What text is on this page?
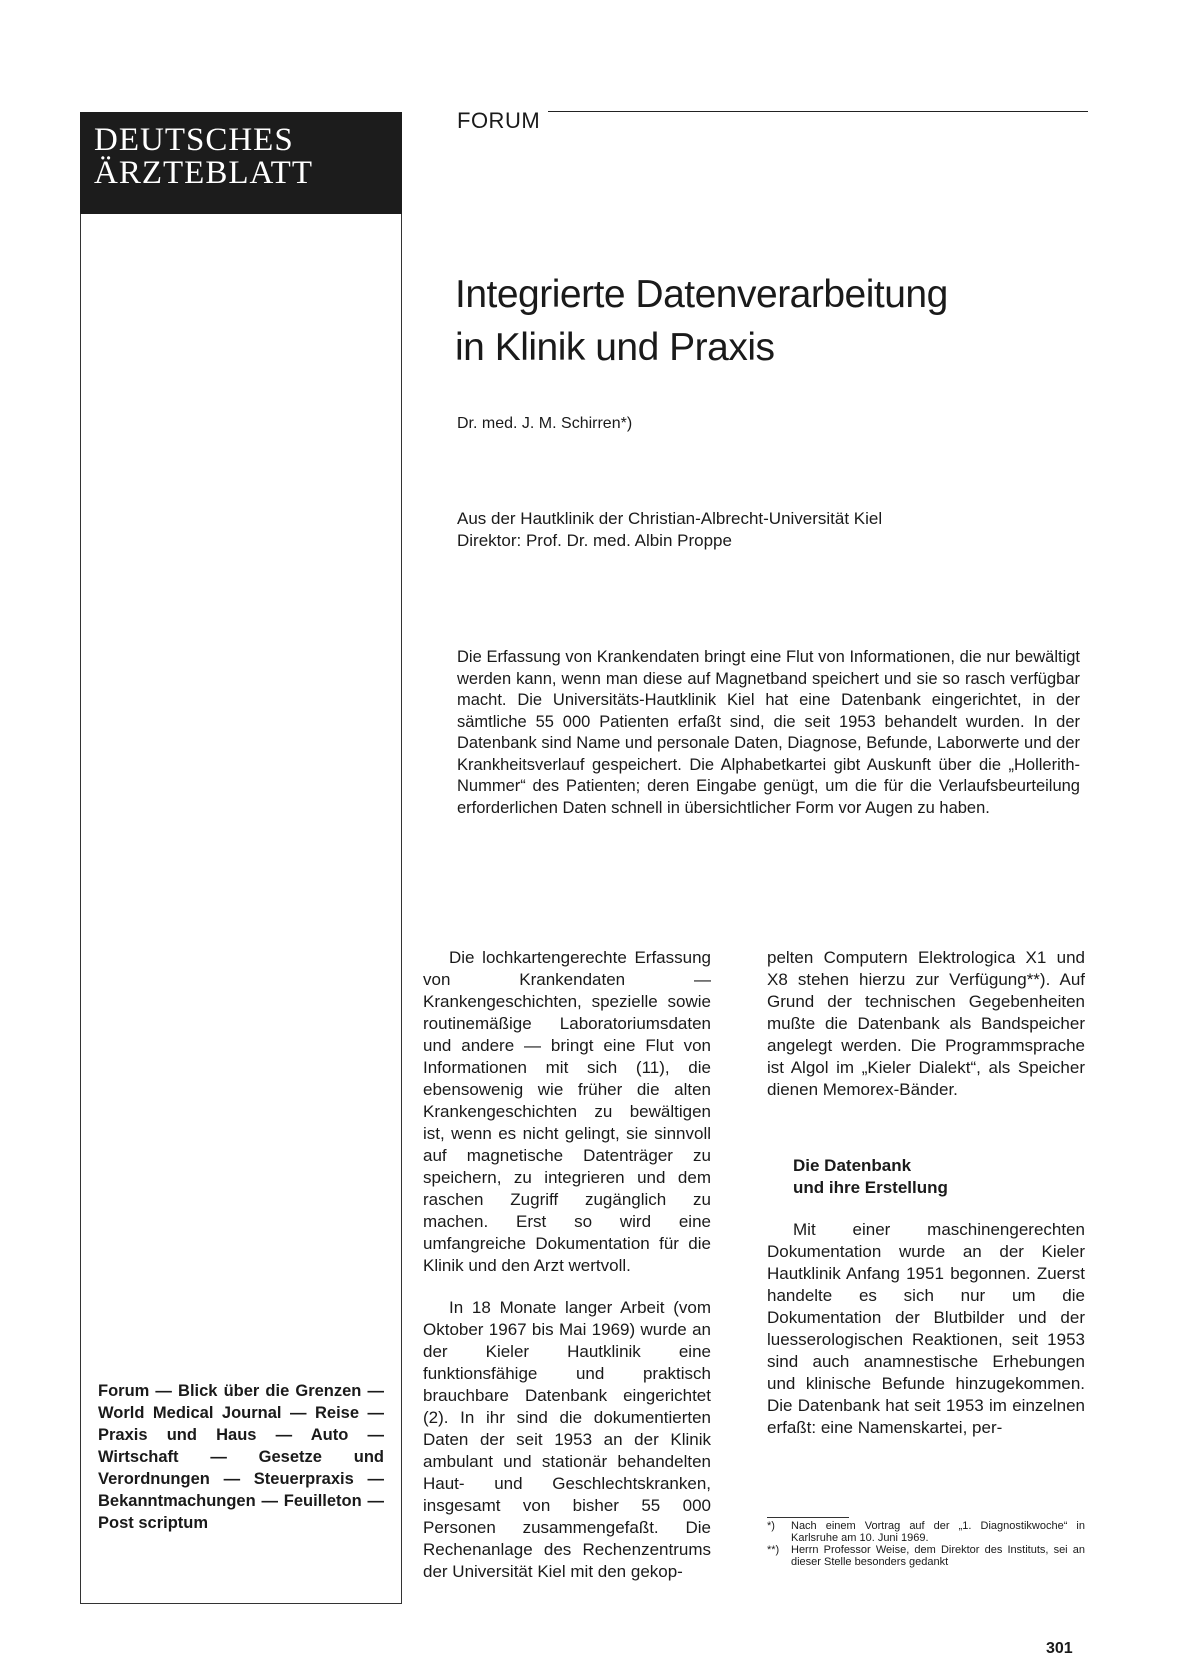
DEUTSCHES
ÄRZTEBLATT
Forum — Blick über die Grenzen — World Medical Journal — Reise — Praxis und Haus — Auto — Wirtschaft — Gesetze und Verordnungen — Steuerpraxis — Bekanntmachungen — Feuilleton — Post scriptum
FORUM
Integrierte Datenverarbeitung
in Klinik und Praxis
Dr. med. J. M. Schirren*)
Aus der Hautklinik der Christian-Albrecht-Universität Kiel
Direktor: Prof. Dr. med. Albin Proppe
Die Erfassung von Krankendaten bringt eine Flut von Informationen, die nur bewältigt werden kann, wenn man diese auf Magnetband speichert und sie so rasch verfügbar macht. Die Universitäts-Hautklinik Kiel hat eine Datenbank eingerichtet, in der sämtliche 55 000 Patienten erfaßt sind, die seit 1953 behandelt wurden. In der Datenbank sind Name und personale Daten, Diagnose, Befunde, Laborwerte und der Krankheitsverlauf gespeichert. Die Alphabetkartei gibt Auskunft über die „Hollerith-Nummer“ des Patienten; deren Eingabe genügt, um die für die Verlaufsbeurteilung erforderlichen Daten schnell in übersichtlicher Form vor Augen zu haben.

Die lochkartengerechte Erfassung von Krankendaten — Krankengeschichten, spezielle sowie routinemäßige Laboratoriumsdaten und andere — bringt eine Flut von Informationen mit sich (11), die ebensowenig wie früher die alten Krankengeschichten zu bewältigen ist, wenn es nicht gelingt, sie sinnvoll auf magnetische Datenträger zu speichern, zu integrieren und dem raschen Zugriff zugänglich zu machen. Erst so wird eine umfangreiche Dokumentation für die Klinik und den Arzt wertvoll.

In 18 Monate langer Arbeit (vom Oktober 1967 bis Mai 1969) wurde an der Kieler Hautklinik eine funktionsfähige und praktisch brauchbare Datenbank eingerichtet (2). In ihr sind die dokumentierten Daten der seit 1953 an der Klinik ambulant und stationär behandelten Haut- und Geschlechtskranken, insgesamt von bisher 55 000 Personen zusammengefaßt. Die Rechenanlage des Rechenzentrums der Universität Kiel mit den gekop-

pelten Computern Elektrologica X1 und X8 stehen hierzu zur Verfügung**). Auf Grund der technischen Gegebenheiten mußte die Datenbank als Bandspeicher angelegt werden. Die Programmsprache ist Algol im „Kieler Dialekt“, als Speicher dienen Memorex-Bänder.

Die Datenbank
und ihre Erstellung

Mit einer maschinengerechten Dokumentation wurde an der Kieler Hautklinik Anfang 1951 begonnen. Zuerst handelte es sich nur um die Dokumentation der Blutbilder und der luesserologischen Reaktionen, seit 1953 sind auch anamnestische Erhebungen und klinische Befunde hinzugekommen. Die Datenbank hat seit 1953 im einzelnen erfaßt: eine Namenskartei, per-

*)	Nach einem Vortrag auf der „1. Diagnostikwoche“ in Karlsruhe am 10. Juni 1969.
**)	Herrn Professor Weise, dem Direktor des Instituts, sei an dieser Stelle besonders gedankt
301
